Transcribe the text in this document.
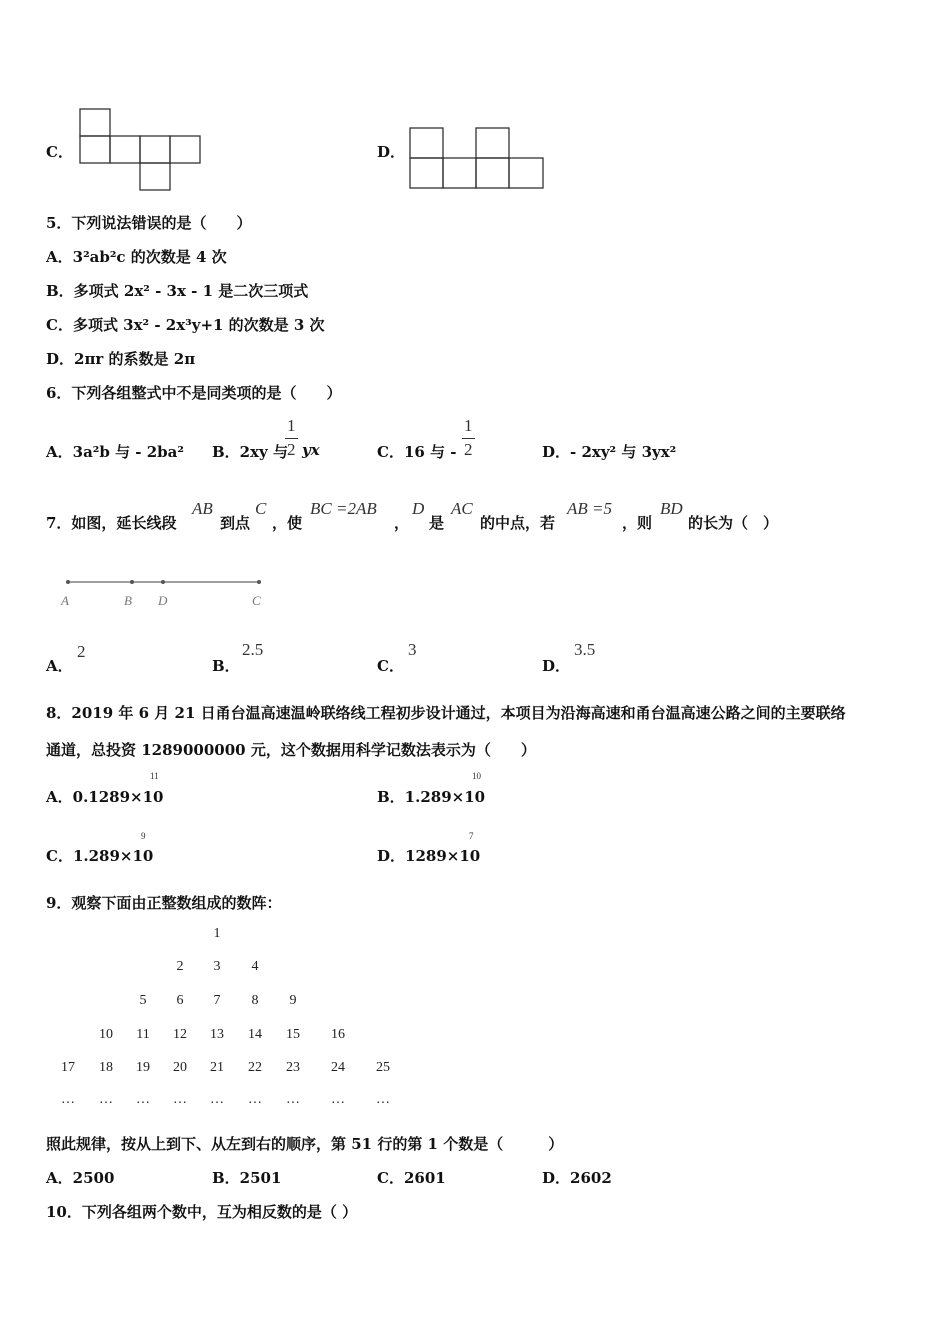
C．	D．
5．下列说法错误的是（　　）
A．3²ab²c 的次数是 4 次
B．多项式 2x² - 3x - 1 是二次三项式
C．多项式 3x² - 2x³y+1 的次数是 3 次
D．2πr 的系数是 2π
6．下列各组整式中不是同类项的是（　　）
A．3a²b 与 - 2ba² B．2xy 与
1
2 yx	C．16 与 -
1
2	D．- 2xy² 与 3yx²
7．如图，延长线段
AB
到点
C
，使
BC =2AB
，
D
是
AC
的中点，若
AB =5
，则
BD
的长为（　）
A	B D	C
A．
2
B．
2.5
C．
3
D．
3.5
8．2019 年 6 月 21 日甬台温高速温岭联络线工程初步设计通过，本项目为沿海高速和甬台温高速公路之间的主要联络
通道，总投资 1289000000 元，这个数据用科学记数法表示为（　　）
A．0.1289×10
11
B．1.289×10
10
C．1.289×10
9
D．1289×10
7
9．观察下面由正整数组成的数阵：
1
2	3	4
5	6	7	8	9
10 11 12 13 14 15 16
17 18 19 20 21 22 23 24 25
… … … … … … … … …
照此规律，按从上到下、从左到右的顺序，第 51 行的第 1 个数是（　　　）
A．2500	B．2501	C．2601	D．2602
10．下列各组两个数中，互为相反数的是（ ）
